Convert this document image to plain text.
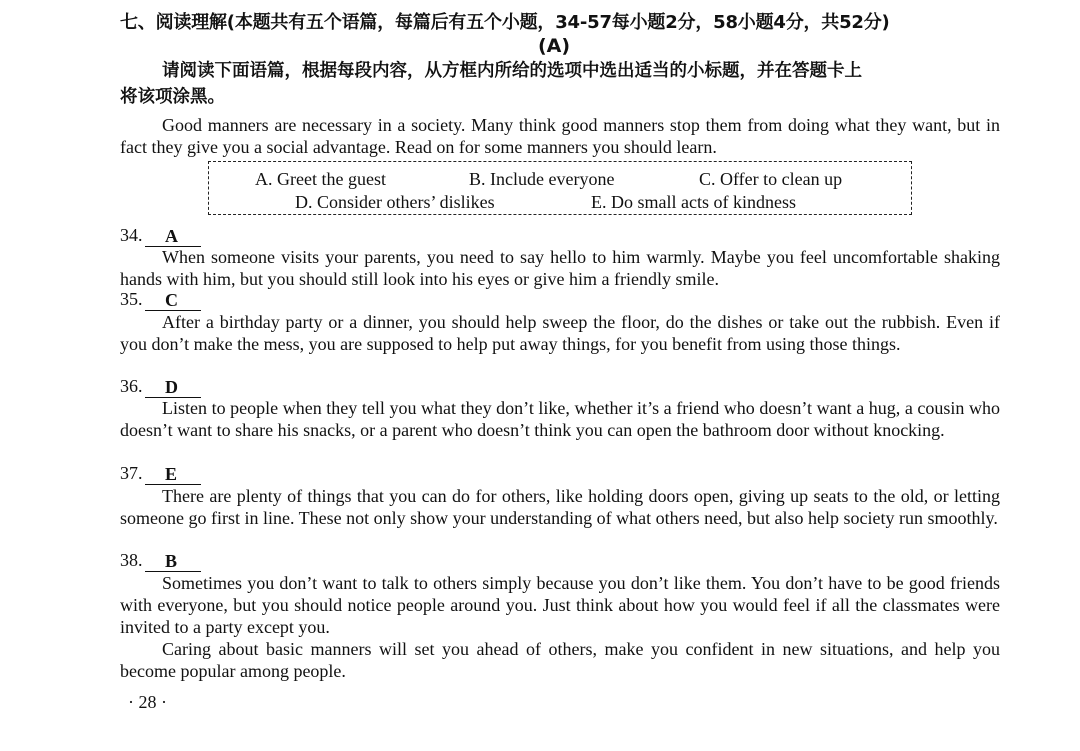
七、阅读理解(本题共有五个语篇，每篇后有五个小题，34-57每小题2分，58小题4分，共52分)
(A)
请阅读下面语篇，根据每段内容，从方框内所给的选项中选出适当的小标题，并在答题卡上
将该项涂黑。
Good manners are necessary in a society. Many think good manners stop them from doing what they want, but in fact they give you a social advantage. Read on for some manners you should learn.
A. Greet the guest	B. Include everyone	C. Offer to clean up
D. Consider others’ dislikes	E. Do small acts of kindness
34.	A
When someone visits your parents, you need to say hello to him warmly. Maybe you feel uncomfortable shaking hands with him, but you should still look into his eyes or give him a friendly smile.
35.	C
After a birthday party or a dinner, you should help sweep the floor, do the dishes or take out the rubbish. Even if you don’t make the mess, you are supposed to help put away things, for you benefit from using those things.
36.	D
Listen to people when they tell you what they don’t like, whether it’s a friend who doesn’t want a hug, a cousin who doesn’t want to share his snacks, or a parent who doesn’t think you can open the bathroom door without knocking.
37.	E
There are plenty of things that you can do for others, like holding doors open, giving up seats to the old, or letting someone go first in line. These not only show your understanding of what others need, but also help society run smoothly.
38.	B
Sometimes you don’t want to talk to others simply because you don’t like them. You don’t have to be good friends with everyone, but you should notice people around you. Just think about how you would feel if all the classmates were invited to a party except you.
Caring about basic manners will set you ahead of others, make you confident in new situations, and help you become popular among people.
· 28 ·
